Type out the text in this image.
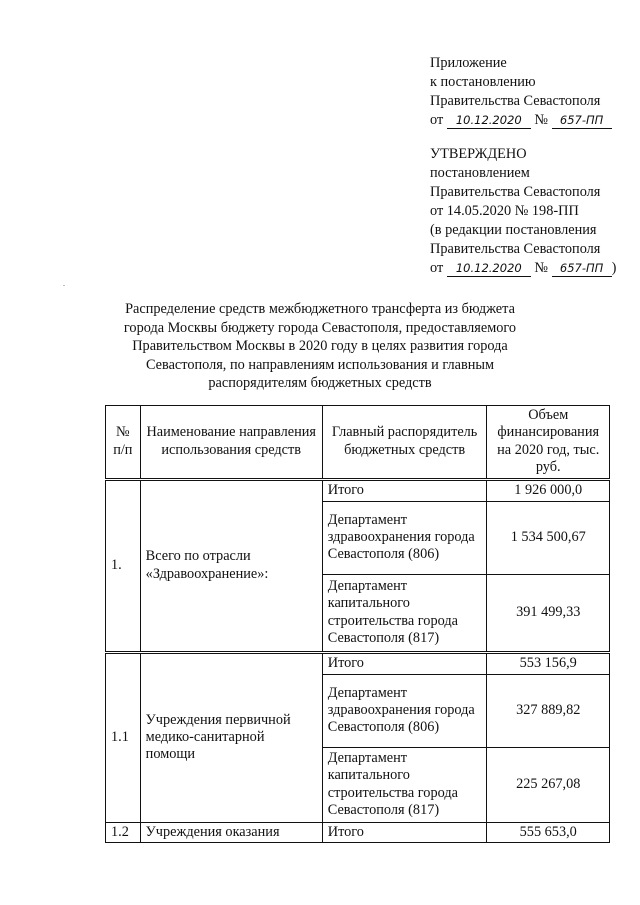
Приложение
к постановлению
Правительства Севастополя
от 10.12.2020 № 657-ПП
УТВЕРЖДЕНО
постановлением
Правительства Севастополя
от 14.05.2020 № 198-ПП
(в редакции постановления
Правительства Севастополя
от 10.12.2020 № 657-ПП )
Распределение средств межбюджетного трансферта из бюджета города Москвы бюджету города Севастополя, предоставляемого Правительством Москвы в 2020 году в целях развития города Севастополя, по направлениям использования и главным распорядителям бюджетных средств
№ п/п	Наименование направления использования средств	Главный распорядитель бюджетных средств	Объем финансирования на 2020 год, тыс. руб.
1.	Всего по отрасли «Здравоохранение»:	Итого	1 926 000,0
		Департамент здравоохранения города Севастополя (806)	1 534 500,67
		Департамент капитального строительства города Севастополя (817)	391 499,33
1.1	Учреждения первичной медико-санитарной помощи	Итого	553 156,9
		Департамент здравоохранения города Севастополя (806)	327 889,82
		Департамент капитального строительства города Севастополя (817)	225 267,08
1.2	Учреждения оказания	Итого	555 653,0
